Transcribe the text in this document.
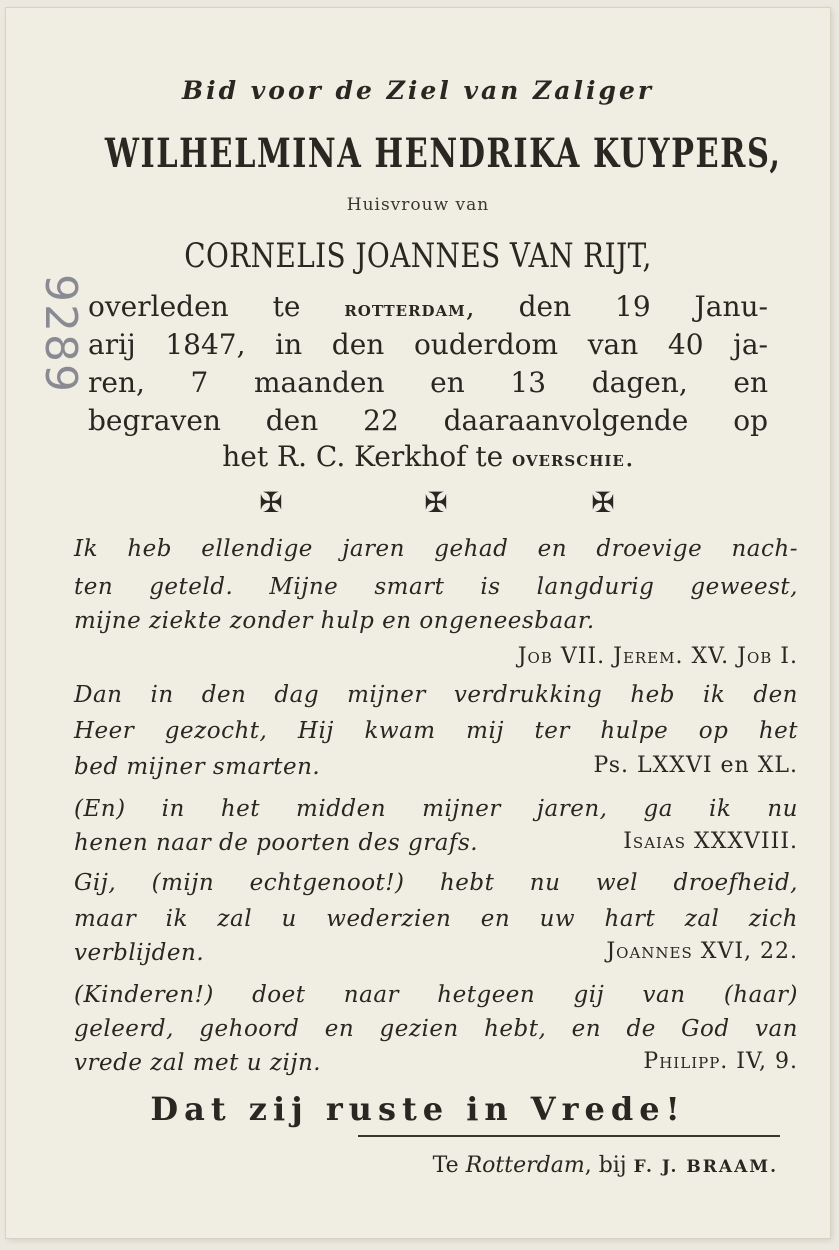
9289
Bid voor de Ziel van Zaliger
WILHELMINA HENDRIKA KUYPERS,
Huisvrouw van
CORNELIS JOANNES VAN RIJT,
overleden te rotterdam, den 19 Janu-
arij 1847, in den ouderdom van 40 ja-
ren, 7 maanden en 13 dagen, en
begraven den 22 daaraanvolgende op
het R. C. Kerkhof te overschie.
✠	✠	✠
Ik heb ellendige jaren gehad en droevige nach-
ten geteld. Mijne smart is langdurig geweest,
mijne ziekte zonder hulp en ongeneesbaar.
Job VII. Jerem. XV. Job I.
Dan in den dag mijner verdrukking heb ik den
Heer gezocht, Hij kwam mij ter hulpe op het
bed mijner smarten.	Ps. LXXVI en XL.
(En) in het midden mijner jaren, ga ik nu
henen naar de poorten des grafs.	Isaias XXXVIII.
Gij, (mijn echtgenoot!) hebt nu wel droefheid,
maar ik zal u wederzien en uw hart zal zich
verblijden.	Joannes XVI, 22.
(Kinderen!) doet naar hetgeen gij van (haar)
geleerd, gehoord en gezien hebt, en de God van
vrede zal met u zijn.	Philipp. IV, 9.
Dat zij ruste in Vrede!
Te Rotterdam, bij F. J. BRAAM.
